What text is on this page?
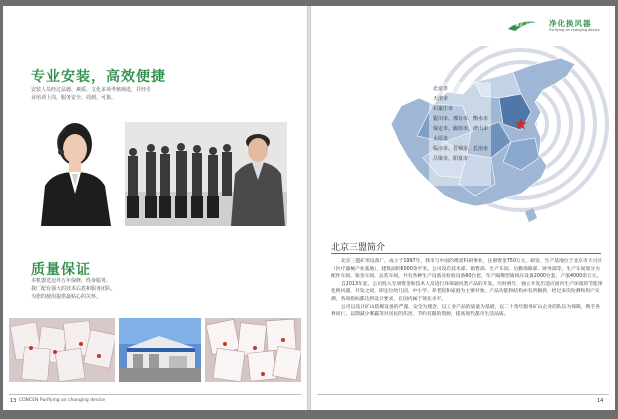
专业安装，高效便捷
安装人员经过品德、素质、文化多项考核筛选，并经专
业培训上岗，服务安全、周到、可靠。
质量保证
本机器送迈外五年保修，终身服务。
我厂配有强大的技术后盾和服务团队，
为您的使用提供最贴心的关怀。
13 CONCEN Purifying an changing device
康正 CONCEN 净化换风器
Purifying an changing device
北京市
天津市
石家庄市
银川市、邢台市、衡水市
保定市、廊坊市、唐山市
太原市
临汾市、晋城市、长治市
吕梁市、阳泉市
北京三盟简介

北京三盟矿用设备厂，成立于1997年，我市与中国的煤炭科研事业，注册资金750万元，研发、生产基地位于北京市大兴区（医疗器械产业基地），建筑面积6000余平米。公司设有技术部、销售部、生产车间、后勤保障部、财务部等，生产车间划分为配件车间、钣金车间、总装车间，共有各种生产设备及检验设备60台套，年产隔爆型离线压设备2000台套，产值4000余万元。

自2013年起，公司投入专项资金和技术人员进行环保通风类产品的开发。历时两年，独立开发出适应国内生产环境的节能净化换风器，开发之初，即定位幼儿园、中小学、养老院和家庭为主要对象，产品功能和结构亦有所倾斜，经过多次检测和用户实测，各项指标都达到设计要求，在国内属于领先水平。

公司以设计矿山防爆设备的严谨、安全为理念，以工业产品的质量为基础，以二十余年服务矿山企业的队伍为保障，携手各界同仁，以期减少雾霾等对居民的伤害，节约有限的资源，提高现代都市生活品质。

14
